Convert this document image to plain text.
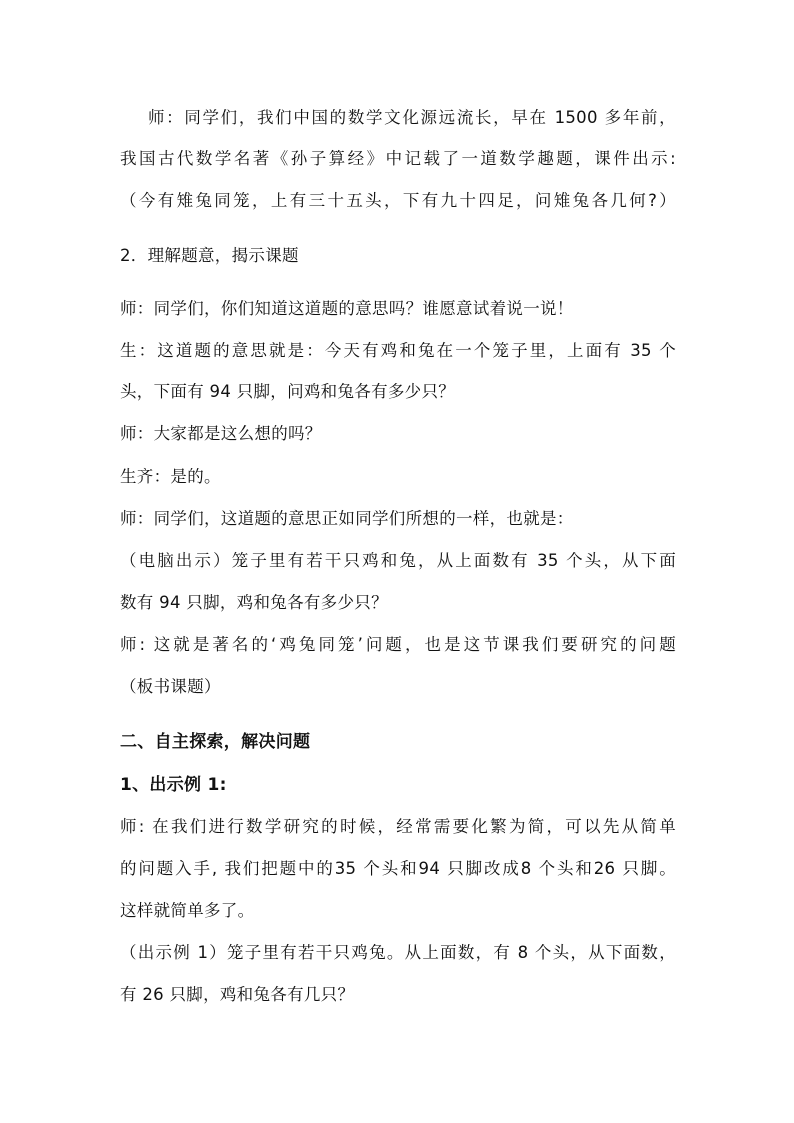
师：同学们，我们中国的数学文化源远流长，早在 1500 多年前，
我国古代数学名著《孙子算经》中记载了一道数学趣题，课件出示:
（今有雉兔同笼，上有三十五头，下有九十四足，问雉兔各几何?）
2．理解题意，揭示课题
师：同学们，你们知道这道题的意思吗？谁愿意试着说一说！
生：这道题的意思就是：今天有鸡和兔在一个笼子里，上面有 35 个
头，下面有 94 只脚，问鸡和兔各有多少只？
师：大家都是这么想的吗？
生齐：是的。
师：同学们，这道题的意思正如同学们所想的一样，也就是：
（电脑出示）笼子里有若干只鸡和兔，从上面数有 35 个头，从下面
数有 94 只脚，鸡和兔各有多少只？
师: 这就是著名的‘鸡兔同笼’问题，也是这节课我们要研究的问题
（板书课题）
二、自主探索，解决问题
1、出示例 1:
师: 在我们进行数学研究的时候，经常需要化繁为简，可以先从简单
的问题入手, 我们把题中的35 个头和94 只脚改成8 个头和26 只脚。
这样就简单多了。
（出示例 1）笼子里有若干只鸡兔。从上面数，有 8 个头，从下面数，
有 26 只脚，鸡和兔各有几只？
